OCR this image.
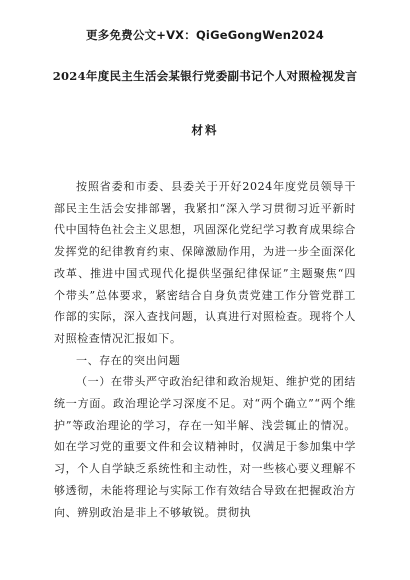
更多免费公文+VX：QiGeGongWen2024
2024年度民主生活会某银行党委副书记个人对照检视发言
材料

按照省委和市委、县委关于开好2024年度党员领导干部民主生活会安排部署，我紧扣“深入学习贯彻习近平新时代中国特色社会主义思想，巩固深化党纪学习教育成果综合发挥党的纪律教育约束、保障激励作用，为进一步全面深化改革、推进中国式现代化提供坚强纪律保证”主题聚焦“四个带头”总体要求，紧密结合自身负责党建工作分管党群工作部的实际，深入查找问题，认真进行对照检查。现将个人对照检查情况汇报如下。

一、存在的突出问题

（一）在带头严守政治纪律和政治规矩、维护党的团结统一方面。政治理论学习深度不足。对“两个确立”“两个维护”等政治理论的学习，存在一知半解、浅尝辄止的情况。如在学习党的重要文件和会议精神时，仅满足于参加集中学习，个人自学缺乏系统性和主动性，对一些核心要义理解不够透彻，未能将理论与实际工作有效结合导致在把握政治方向、辨别政治是非上不够敏锐。贯彻执
